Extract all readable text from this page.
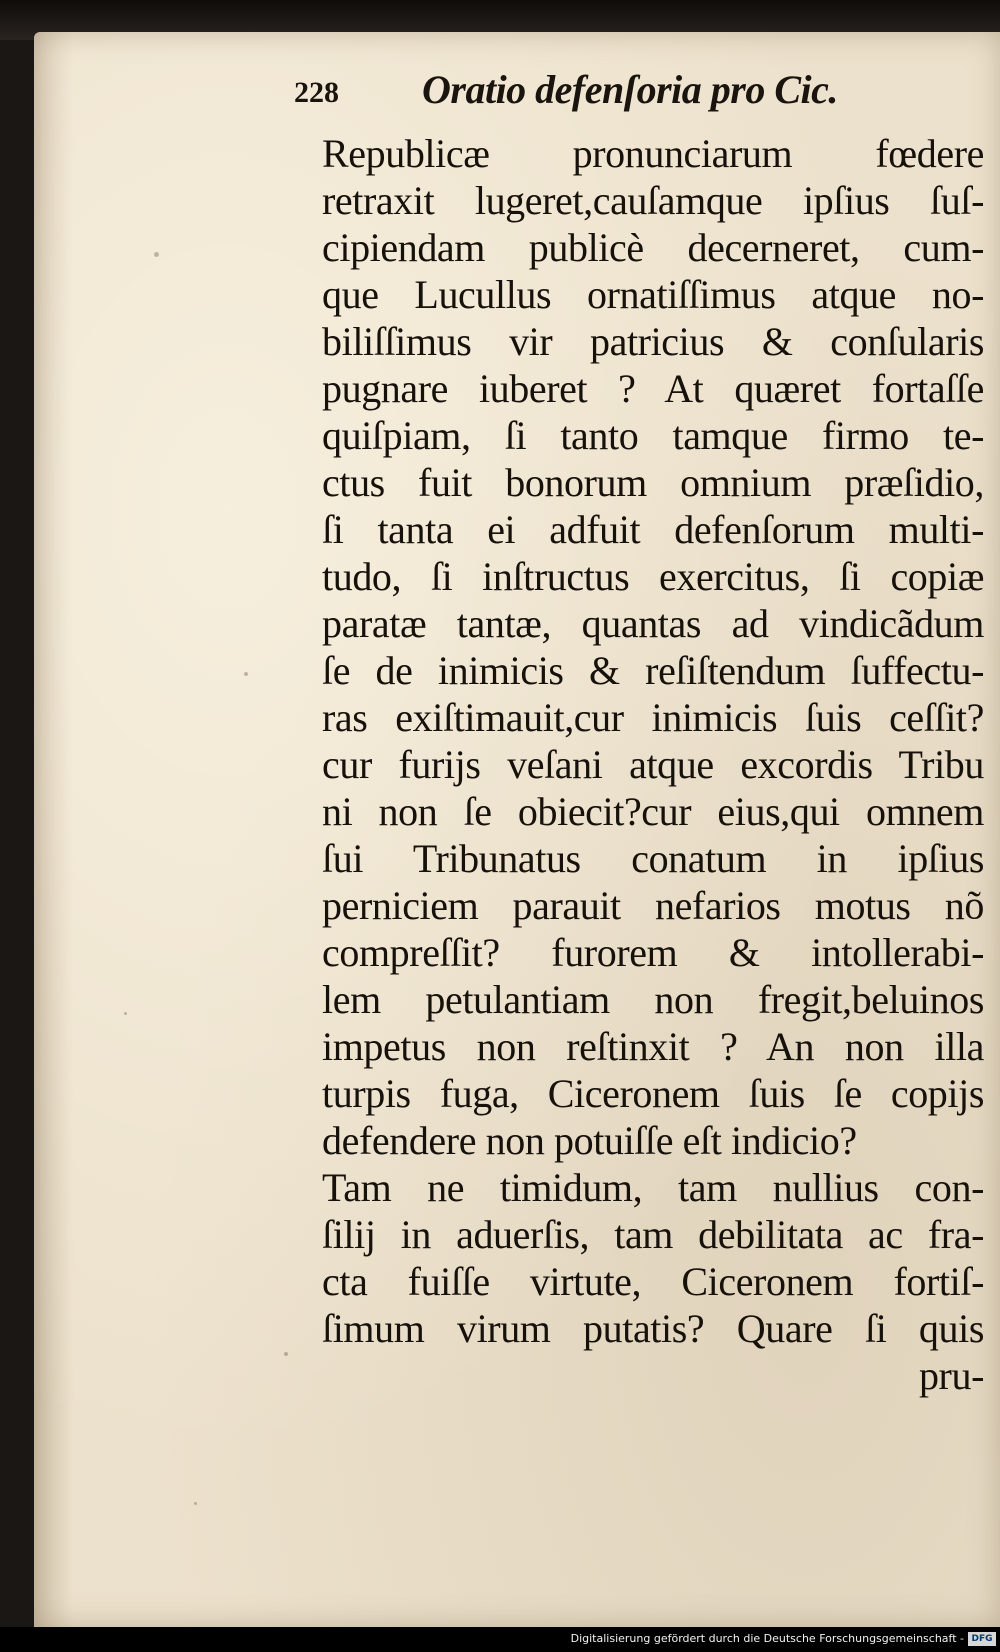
228 Oratio defenſoria pro Cic.
Republicæ pronunciarum fœdere
retraxit lugeret,cauſamque ipſius ſuſ-
cipiendam publicè decerneret, cum-
que Lucullus ornatiſſimus atque no-
biliſſimus vir patricius & conſularis
pugnare iuberet ? At quæret fortaſſe
quiſpiam, ſi tanto tamque firmo te-
ctus fuit bonorum omnium præſidio,
ſi tanta ei adfuit defenſorum multi-
tudo, ſi inſtructus exercitus, ſi copiæ
paratæ tantæ, quantas ad vindicãdum
ſe de inimicis & reſiſtendum ſuffectu-
ras exiſtimauit,cur inimicis ſuis ceſſit?
cur furijs veſani atque excordis Tribu
ni non ſe obiecit?cur eius,qui omnem
ſui Tribunatus conatum in ipſius
perniciem parauit nefarios motus nõ
compreſſit? furorem & intollerabi-
lem petulantiam non fregit,beluinos
impetus non reſtinxit ? An non illa
turpis fuga, Ciceronem ſuis ſe copijs
defendere non potuiſſe eſt indicio?
Tam ne timidum, tam nullius con-
ſilij in aduerſis, tam debilitata ac fra-
cta fuiſſe virtute, Ciceronem fortiſ-
ſimum virum putatis? Quare ſi quis
pru-
Digitalisierung gefördert durch die Deutsche Forschungsgemeinschaft - DFG
